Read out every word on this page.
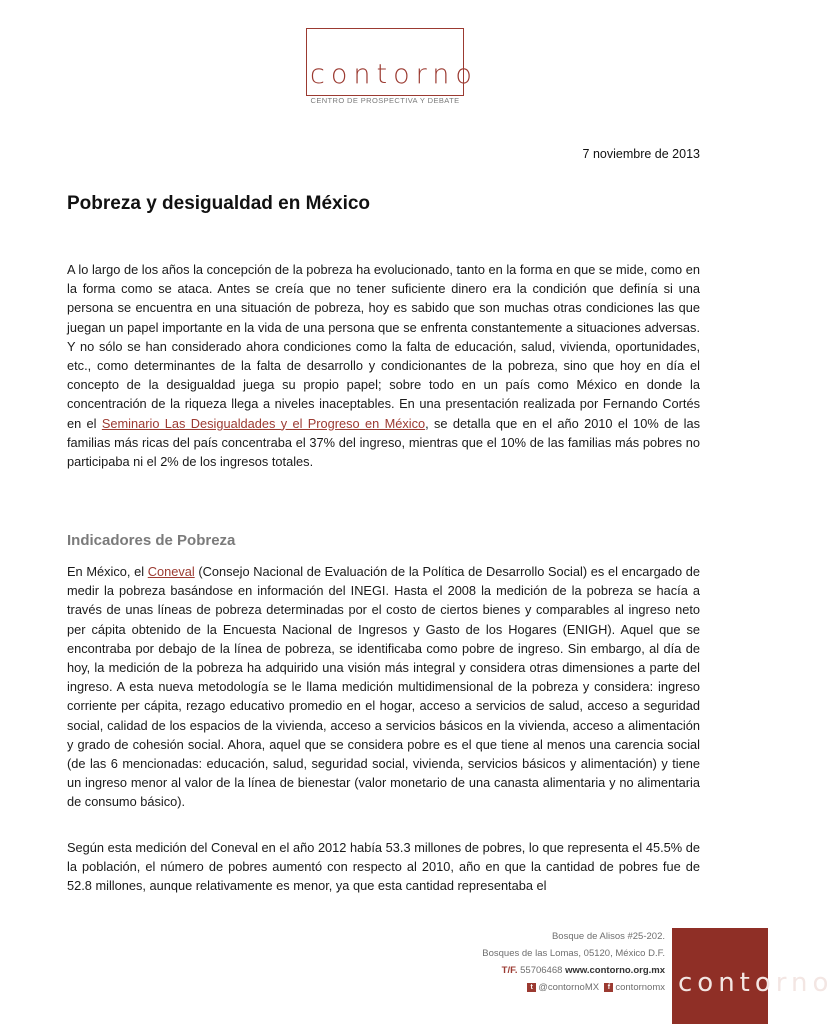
contorno
CENTRO DE PROSPECTIVA Y DEBATE
7 noviembre de 2013
Pobreza y desigualdad en México

A lo largo de los años la concepción de la pobreza ha evolucionado, tanto en la forma en que se mide, como en la forma como se ataca. Antes se creía que no tener suficiente dinero era la condición que definía si una persona se encuentra en una situación de pobreza, hoy es sabido que son muchas otras condiciones las que juegan un papel importante en la vida de una persona que se enfrenta constantemente a situaciones adversas. Y no sólo se han considerado ahora condiciones como la falta de educación, salud, vivienda, oportunidades, etc., como determinantes de la falta de desarrollo y condicionantes de la pobreza, sino que hoy en día el concepto de la desigualdad juega su propio papel; sobre todo en un país como México en donde la concentración de la riqueza llega a niveles inaceptables. En una presentación realizada por Fernando Cortés en el Seminario Las Desigualdades y el Progreso en México, se detalla que en el año 2010 el 10% de las familias más ricas del país concentraba el 37% del ingreso, mientras que el 10% de las familias más pobres no participaba ni el 2% de los ingresos totales.

Indicadores de Pobreza

En México, el Coneval (Consejo Nacional de Evaluación de la Política de Desarrollo Social) es el encargado de medir la pobreza basándose en información del INEGI. Hasta el 2008 la medición de la pobreza se hacía a través de unas líneas de pobreza determinadas por el costo de ciertos bienes y comparables al ingreso neto per cápita obtenido de la Encuesta Nacional de Ingresos y Gasto de los Hogares (ENIGH). Aquel que se encontraba por debajo de la línea de pobreza, se identificaba como pobre de ingreso. Sin embargo, al día de hoy, la medición de la pobreza ha adquirido una visión más integral y considera otras dimensiones a parte del ingreso. A esta nueva metodología se le llama medición multidimensional de la pobreza y considera: ingreso corriente per cápita, rezago educativo promedio en el hogar, acceso a servicios de salud, acceso a seguridad social, calidad de los espacios de la vivienda, acceso a servicios básicos en la vivienda, acceso a alimentación y grado de cohesión social. Ahora, aquel que se considera pobre es el que tiene al menos una carencia social (de las 6 mencionadas: educación, salud, seguridad social, vivienda, servicios básicos y alimentación) y tiene un ingreso menor al valor de la línea de bienestar (valor monetario de una canasta alimentaria y no alimentaria de consumo básico).

Según esta medición del Coneval en el año 2012 había 53.3 millones de pobres, lo que representa el 45.5% de la población, el número de pobres aumentó con respecto al 2010, año en que la cantidad de pobres fue de 52.8 millones, aunque relativamente es menor, ya que esta cantidad representaba el

Bosque de Alisos #25-202.
Bosques de las Lomas, 05120, México D.F.
T/F. 55706468 www.contorno.org.mx
t @contornoMX f contornomx contorno
